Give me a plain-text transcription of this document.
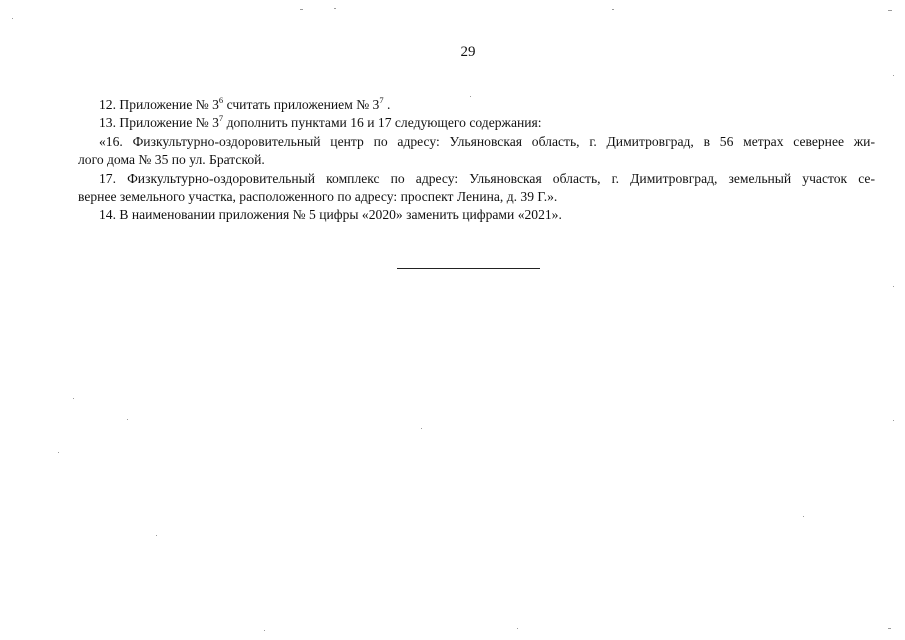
29

12. Приложение № $3^6$ считать приложением № $3^7$ .

13. Приложение № $3^7$ дополнить пунктами 16 и 17 следующего содержания:

«16. Физкультурно-оздоровительный центр по адресу: Ульяновская область, г. Димитровград, в 56 метрах севернее жи-
лого дома № 35 по ул. Братской.
17. Физкультурно-оздоровительный комплекс по адресу: Ульяновская область, г. Димитровград, земельный участок се-
вернее земельного участка, расположенного по адресу: проспект Ленина, д. 39 Г.».

14. В наименовании приложения № 5 цифры «2020» заменить цифрами «2021».
